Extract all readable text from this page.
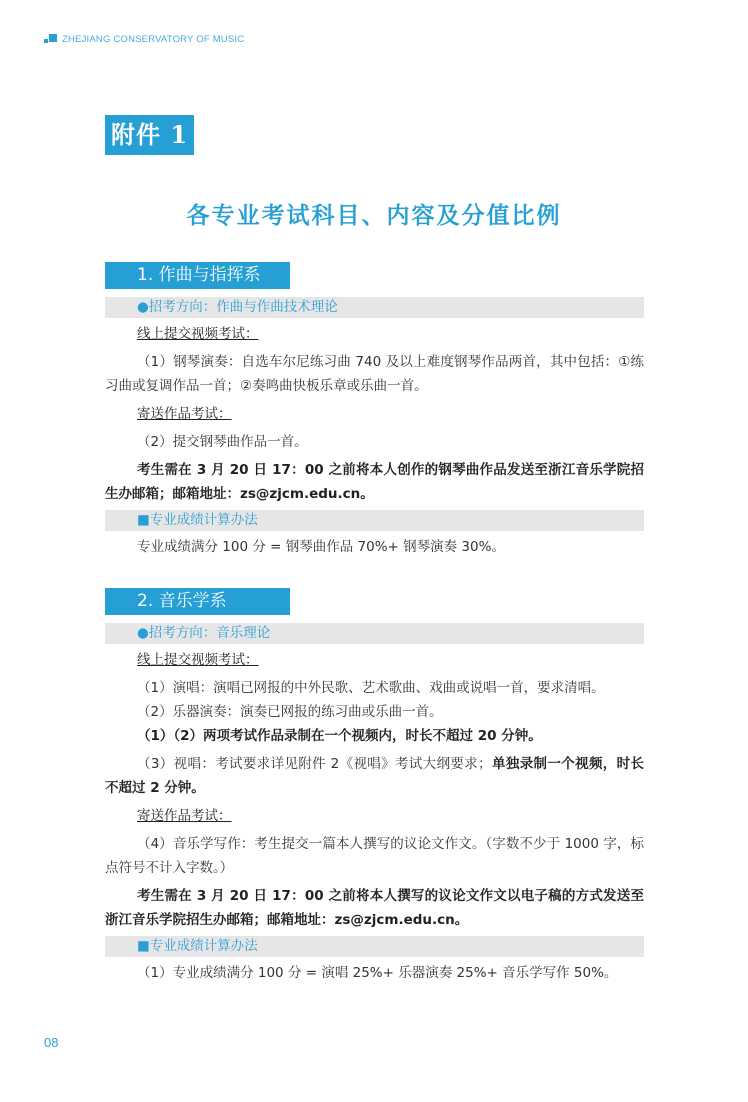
ZHEJIANG CONSERVATORY OF MUSIC
附件 1
各专业考试科目、内容及分值比例
1. 作曲与指挥系
●招考方向：作曲与作曲技术理论
线上提交视频考试：
（1）钢琴演奏：自选车尔尼练习曲 740 及以上难度钢琴作品两首，其中包括：①练习曲或复调作品一首；②奏鸣曲快板乐章或乐曲一首。
寄送作品考试：
（2）提交钢琴曲作品一首。
考生需在 3 月 20 日 17：00 之前将本人创作的钢琴曲作品发送至浙江音乐学院招生办邮箱；邮箱地址：zs@zjcm.edu.cn。
■专业成绩计算办法
专业成绩满分 100 分 = 钢琴曲作品 70%+ 钢琴演奏 30%。
2. 音乐学系
●招考方向：音乐理论
线上提交视频考试：
（1）演唱：演唱已网报的中外民歌、艺术歌曲、戏曲或说唱一首，要求清唱。
（2）乐器演奏：演奏已网报的练习曲或乐曲一首。
（1）（2）两项考试作品录制在一个视频内，时长不超过 20 分钟。
（3）视唱：考试要求详见附件 2《视唱》考试大纲要求；单独录制一个视频，时长不超过 2 分钟。
寄送作品考试：
（4）音乐学写作：考生提交一篇本人撰写的议论文作文。（字数不少于 1000 字，标点符号不计入字数。）
考生需在 3 月 20 日 17：00 之前将本人撰写的议论文作文以电子稿的方式发送至浙江音乐学院招生办邮箱；邮箱地址：zs@zjcm.edu.cn。
■专业成绩计算办法
（1）专业成绩满分 100 分 = 演唱 25%+ 乐器演奏 25%+ 音乐学写作 50%。
08
